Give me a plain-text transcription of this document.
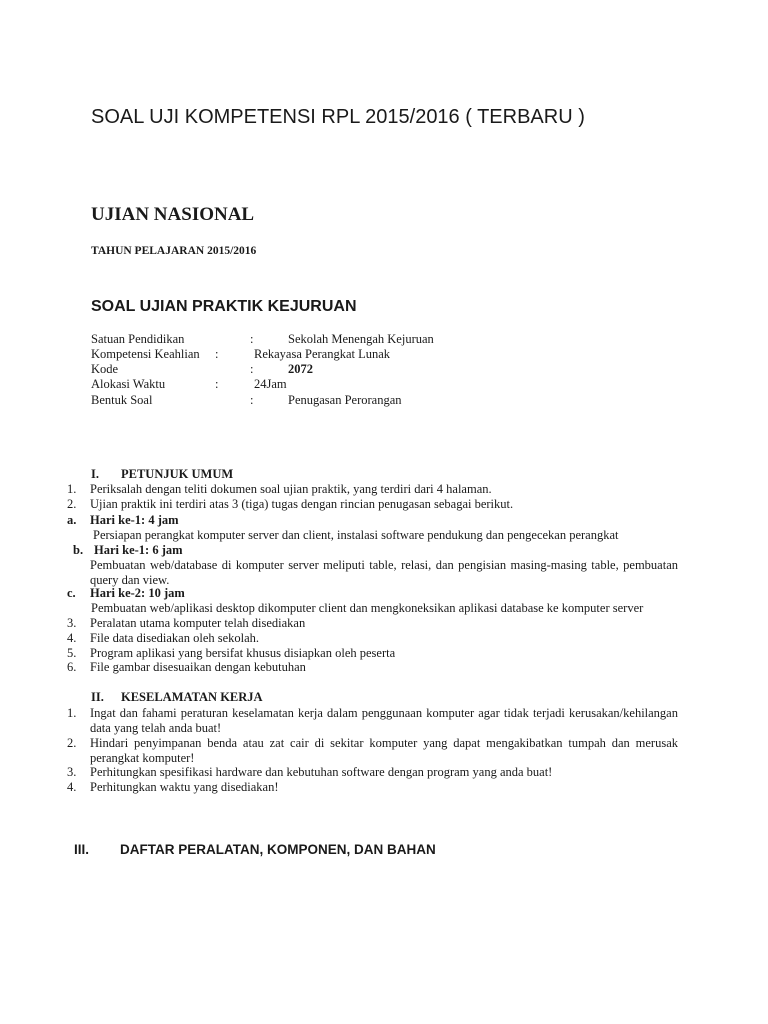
SOAL UJI KOMPETENSI RPL 2015/2016 ( TERBARU )
UJIAN NASIONAL
TAHUN PELAJARAN 2015/2016
SOAL UJIAN PRAKTIK KEJURUAN
Satuan Pendidikan	:	Sekolah Menengah Kejuruan
Kompetensi Keahlian :	Rekayasa Perangkat Lunak
Kode	:	2072
Alokasi Waktu	:	24Jam
Bentuk Soal	:	Penugasan Perorangan
I. PETUNJUK UMUM
1. Periksalah dengan teliti dokumen soal ujian praktik, yang terdiri dari 4 halaman.
2. Ujian praktik ini terdiri atas 3 (tiga) tugas dengan rincian penugasan sebagai berikut.
a. Hari ke-1: 4 jam
Persiapan perangkat komputer server dan client, instalasi software pendukung dan pengecekan perangkat
b. Hari ke-1: 6 jam
Pembuatan web/database di komputer server meliputi table, relasi, dan pengisian masing-masing table, pembuatan query dan view.
c. Hari ke-2: 10 jam
Pembuatan web/aplikasi desktop dikomputer client dan mengkoneksikan aplikasi database ke komputer server
3. Peralatan utama komputer telah disediakan
4. File data disediakan oleh sekolah.
5. Program aplikasi yang bersifat khusus disiapkan oleh peserta
6. File gambar disesuaikan dengan kebutuhan
II. KESELAMATAN KERJA
1. Ingat dan fahami peraturan keselamatan kerja dalam penggunaan komputer agar tidak terjadi kerusakan/kehilangan data yang telah anda buat!
2. Hindari penyimpanan benda atau zat cair di sekitar komputer yang dapat mengakibatkan tumpah dan merusak perangkat komputer!
3. Perhitungkan spesifikasi hardware dan kebutuhan software dengan program yang anda buat!
4. Perhitungkan waktu yang disediakan!
III. DAFTAR PERALATAN, KOMPONEN, DAN BAHAN
